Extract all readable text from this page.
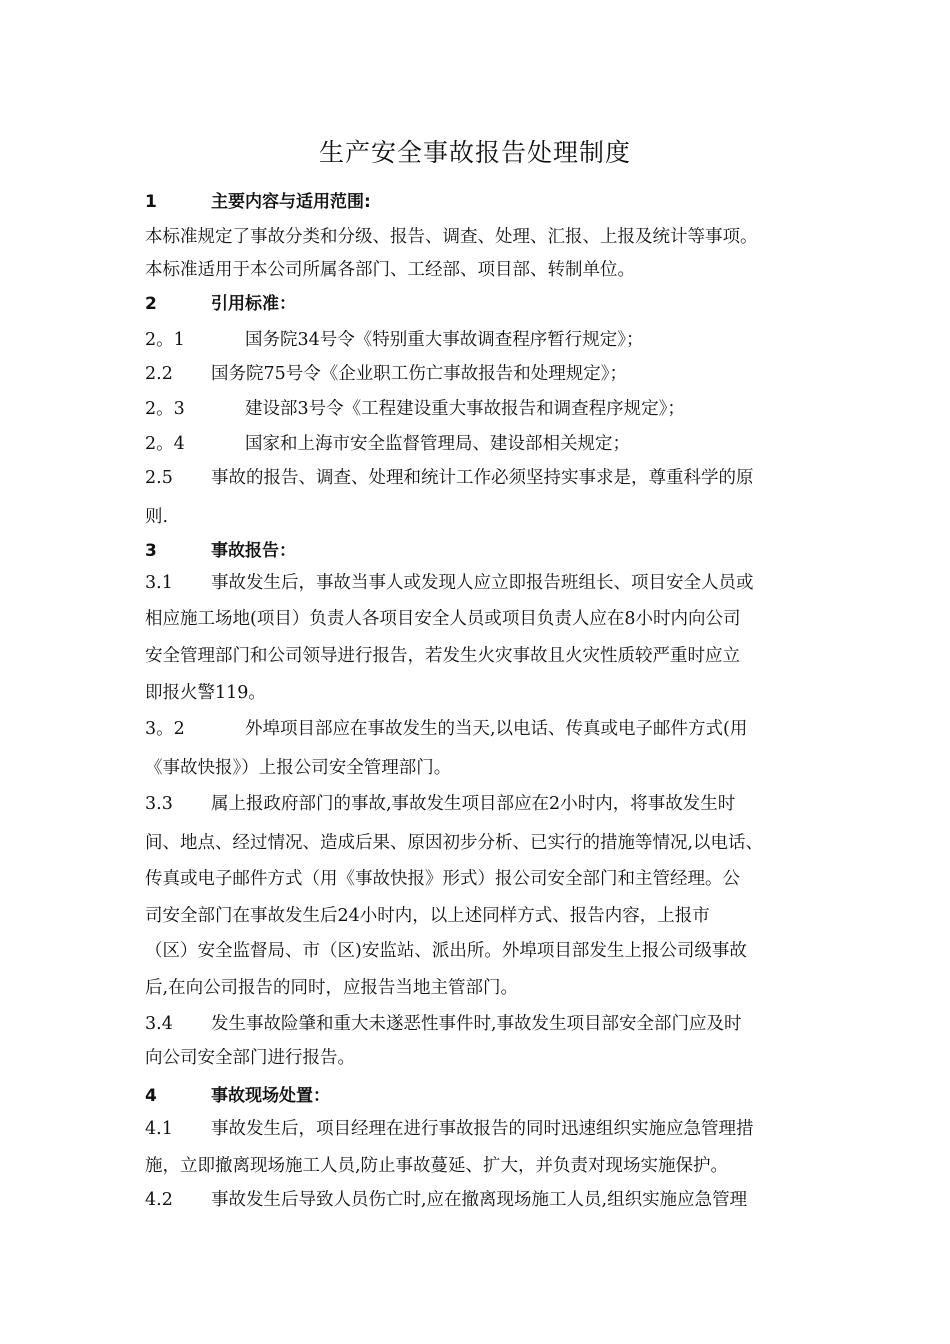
生产安全事故报告处理制度
1	主要内容与适用范围:
本标准规定了事故分类和分级、报告、调查、处理、汇报、上报及统计等事项。
本标准适用于本公司所属各部门、工经部、项目部、转制单位。
2	引用标准：
2。1	国务院34号令《特别重大事故调查程序暂行规定》；
2.2 国务院75号令《企业职工伤亡事故报告和处理规定》；
2。3	建设部3号令《工程建设重大事故报告和调查程序规定》；
2。4	国家和上海市安全监督管理局、建设部相关规定；
2.5 事故的报告、调查、处理和统计工作必须坚持实事求是，尊重科学的原
则.
3	事故报告：
3.1 事故发生后，事故当事人或发现人应立即报告班组长、项目安全人员或
相应施工场地(项目）负责人各项目安全人员或项目负责人应在8小时内向公司
安全管理部门和公司领导进行报告，若发生火灾事故且火灾性质较严重时应立
即报火警119。
3。2	外埠项目部应在事故发生的当天,以电话、传真或电子邮件方式(用
《事故快报》）上报公司安全管理部门。
3.3 属上报政府部门的事故,事故发生项目部应在2小时内，将事故发生时
间、地点、经过情况、造成后果、原因初步分析、已实行的措施等情况,以电话、
传真或电子邮件方式（用《事故快报》形式）报公司安全部门和主管经理。公
司安全部门在事故发生后24小时内，以上述同样方式、报告内容，上报市
（区）安全监督局、市（区)安监站、派出所。外埠项目部发生上报公司级事故
后,在向公司报告的同时，应报告当地主管部门。
3.4 发生事故险肇和重大未遂恶性事件时,事故发生项目部安全部门应及时
向公司安全部门进行报告。
4	事故现场处置：
4.1 事故发生后，项目经理在进行事故报告的同时迅速组织实施应急管理措
施，立即撤离现场施工人员,防止事故蔓延、扩大，并负责对现场实施保护。
4.2 事故发生后导致人员伤亡时,应在撤离现场施工人员,组织实施应急管理
